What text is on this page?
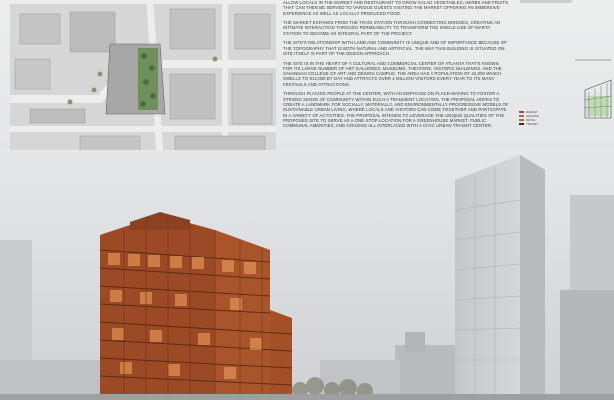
ALLOW LOCALS IN THE MARKET AND RESTAURANT TO GROW SALAD VEGETABLES, HERBS AND FRUITS THAT CAN THEN BE SERVED TO VARIOUS GUESTS VISITING THE MARKET OFFERING AN IMMERSIVE EXPERIENCE AS WELL AS LOCALLY PRODUCED FOOD.

THE MARKET EXPANDS FROM THE TRAIN STATION THROUGH CONNECTING BRIDGES, CREATING AN INTIMATE INTERACTION THROUGH PERMEABILITY TO TRANSFORM THE SINGLE-USE OF MARTA STATION TO BECOME AN INTEGRAL PART OF THE PROJECT.

THE SITE'S RELATIONSHIP WITH LAND AND COMMUNITY IS UNIQUE AND OF IMPORTANCE BECAUSE OF THE TOPOGRAPHY THAT IS BOTH NATURAL AND ARTIFICIAL. THE WAY THIS BUILDING IS SITUATED ON-SITE ITSELF IS PART OF THE DESIGN APPROACH.

THE SITE IS IN THE HEART OF A CULTURAL AND COMMERCIAL CENTER OF ATLANTA THAT'S KNOWN FOR ITS LARGE NUMBER OF ART GALLERIES, MUSEUMS, THEATERS, HISTORIC BUILDINGS, AND THE SAVANNAH COLLEGE OF ART AND DESIGN CAMPUS. THE AREA HAS A POPULATION OF 42,000 WHICH SWELLS TO 912,000 BY DAY AND ATTRACTS OVER 4 MILLION VISITORS EVERY YEAR TO ITS MANY FESTIVALS AND ATTRACTIONS.

THROUGH PLACING PEOPLE AT THE CENTER, WITH AN EMPHASIS ON PLACE-MAKING TO FOSTER A STRONG SENSE OF COMMUNITY WITHIN SUCH A TRANSIENT LOCATION, THE PROPOSAL HOPES TO CREATE A LANDMARK FOR SOCIALLY, MATERIALLY, AND ENVIRONMENTALLY PROGRESSIVE MODELS OF SUSTAINABLE URBAN LIVING, WHERE LOCALS AND VISITORS CAN COME TOGETHER AND PARTICIPATE IN A VARIETY OF ACTIVITIES. THE PROPOSAL INTENDS TO LEVERAGE THE UNIQUE QUALITIES OF THE PROPOSED SITE TO SERVE AS A ONE-STOP LOCATION FOR A GREENHOUSE MARKET, PUBLIC COMMUNAL AMENITIES, AND HOUSING ALL INTERLACED WITH A CIVIC URBAN TRANSIT CENTER.

MARKET
HOUSING
RETAIL
TRANSIT
